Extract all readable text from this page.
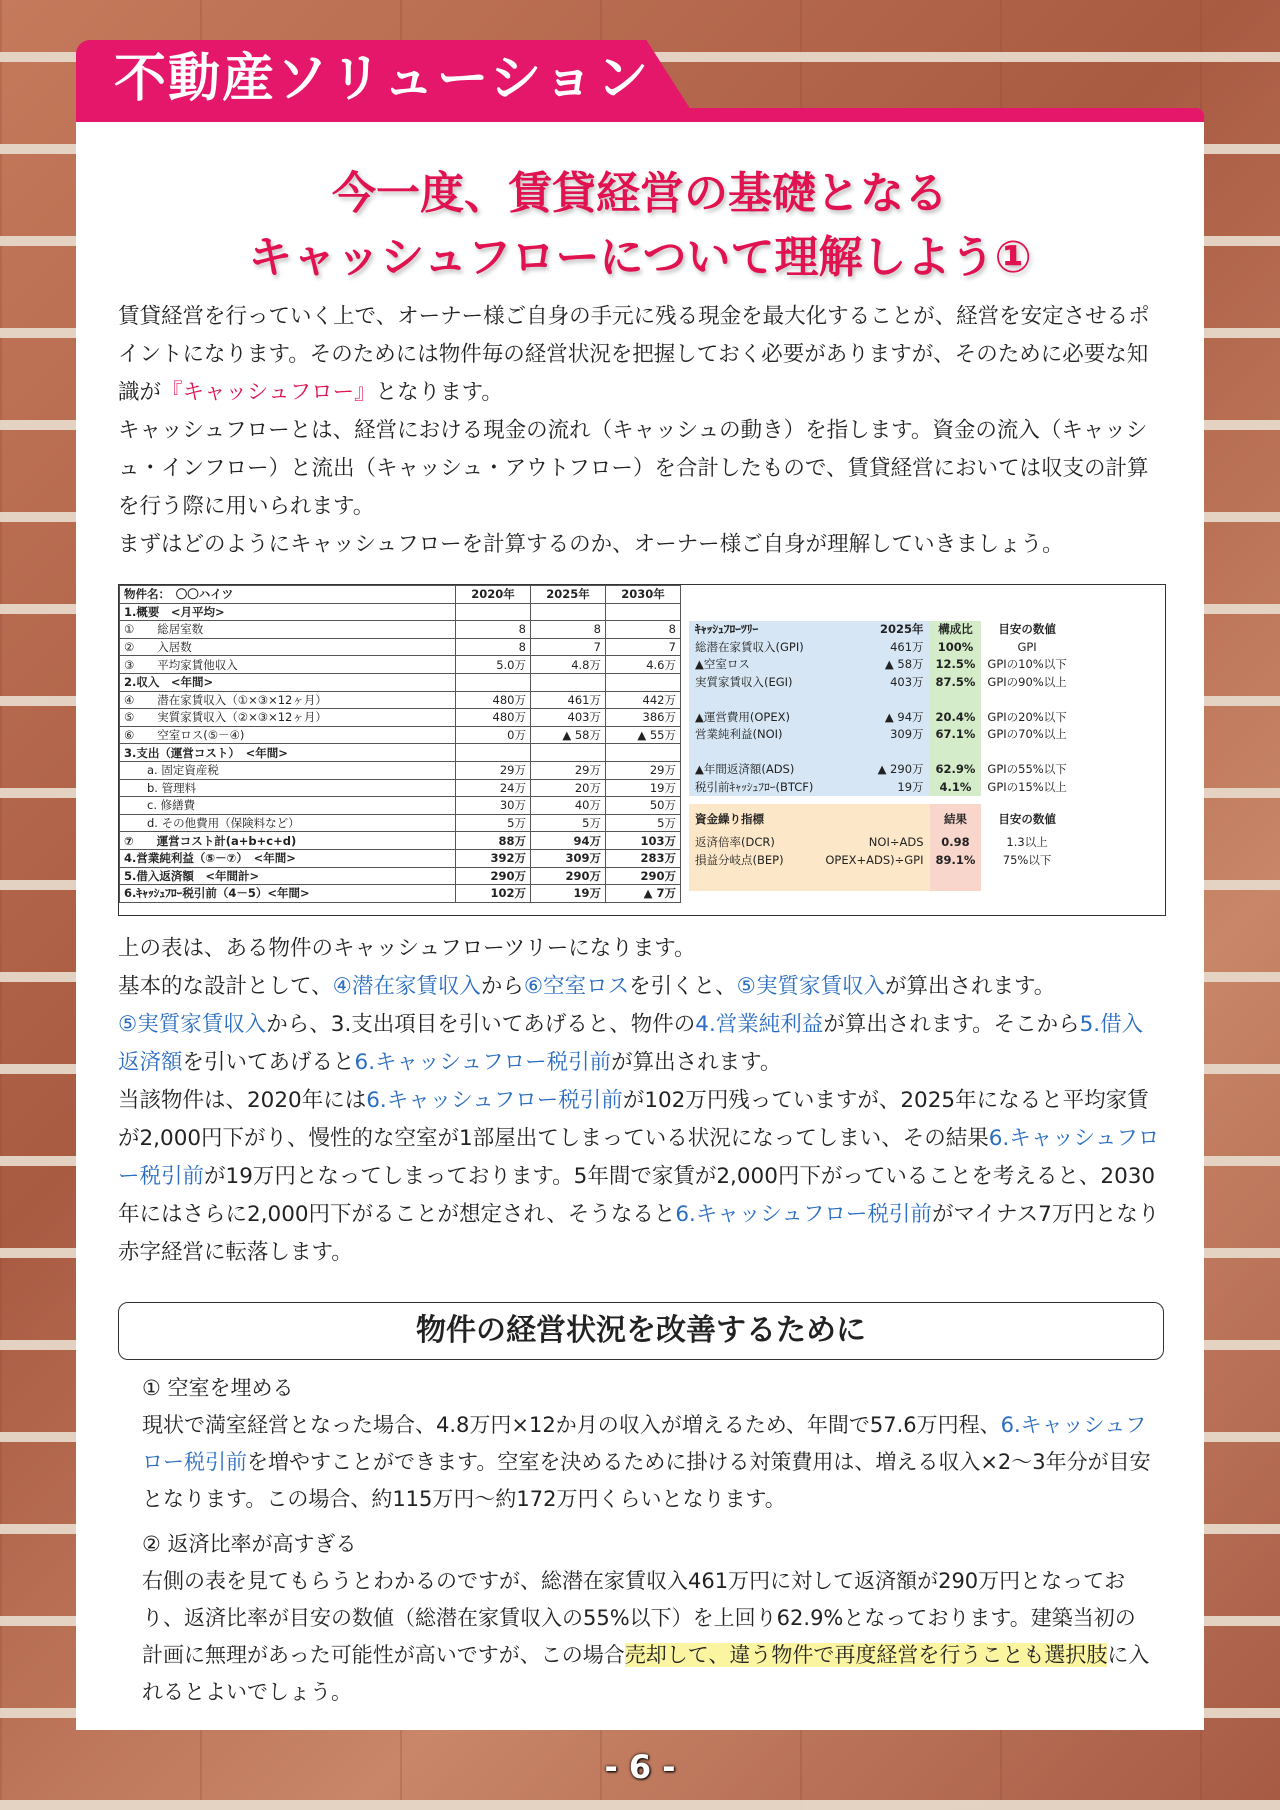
不動産ソリューション
今一度、賃貸経営の基礎となる
キャッシュフローについて理解しよう①

賃貸経営を行っていく上で、オーナー様ご自身の手元に残る現金を最大化することが、経営を安定させるポイントになります。そのためには物件毎の経営状況を把握しておく必要がありますが、そのために必要な知識が『キャッシュフロー』となります。

キャッシュフローとは、経営における現金の流れ（キャッシュの動き）を指します。資金の流入（キャッシュ・インフロー）と流出（キャッシュ・アウトフロー）を合計したもので、賃貸経営においては収支の計算を行う際に用いられます。

まずはどのようにキャッシュフローを計算するのか、オーナー様ご自身が理解していきましょう。

物件名：　〇〇ハイツ	2020年	2025年	2030年
1.概要　<月平均>			
①　　総居室数	8	8	8
②　　入居数	8	7	7
③　　平均家賃他収入	5.0万	4.8万	4.6万
2.収入　<年間>			
④　　潜在家賃収入（①×③×12ヶ月）	480万	461万	442万
⑤　　実質家賃収入（②×③×12ヶ月）	480万	403万	386万
⑥　　空室ロス(⑤－④)	0万	▲ 58万	▲ 55万
3.支出（運営コスト）　<年間>			
　　a. 固定資産税	29万	29万	29万
　　b. 管理料	24万	20万	19万
　　c. 修繕費	30万	40万	50万
　　d. その他費用（保険料など）	5万	5万	5万
⑦　　運営コスト計(a+b+c+d)	88万	94万	103万
4.営業純利益（⑤－⑦）　<年間>	392万	309万	283万
5.借入返済額　<年間計>	290万	290万	290万
6.ｷｬｯｼｭﾌﾛｰ税引前（4－5）<年間>	102万	19万	▲ 7万
ｷｬｯｼｭﾌﾛｰﾂﾘｰ	2025年	構成比	目安の数値
総潜在家賃収入(GPI)	461万	100%	GPI
▲空室ロス	▲ 58万	12.5%	GPIの10%以下
実質家賃収入(EGI)	403万	87.5%	GPIの90%以上

▲運営費用(OPEX)	▲ 94万	20.4%	GPIの20%以下
営業純利益(NOI)	309万	67.1%	GPIの70%以上

▲年間返済額(ADS)	▲ 290万	62.9%	GPIの55%以下
税引前ｷｬｯｼｭﾌﾛｰ(BTCF)	19万	4.1%	GPIの15%以上

資金繰り指標		結果	目安の数値
返済倍率(DCR)	NOI÷ADS	0.98	1.3以上
損益分岐点(BEP)	OPEX+ADS)÷GPI	89.1%	75%以下

上の表は、ある物件のキャッシュフローツリーになります。

基本的な設計として、④潜在家賃収入から⑥空室ロスを引くと、⑤実質家賃収入が算出されます。

⑤実質家賃収入から、3.支出項目を引いてあげると、物件の4.営業純利益が算出されます。そこから5.借入返済額を引いてあげると6.キャッシュフロー税引前が算出されます。

当該物件は、2020年には6.キャッシュフロー税引前が102万円残っていますが、2025年になると平均家賃が2,000円下がり、慢性的な空室が1部屋出てしまっている状況になってしまい、その結果6.キャッシュフロー税引前が19万円となってしまっております。5年間で家賃が2,000円下がっていることを考えると、2030年にはさらに2,000円下がることが想定され、そうなると6.キャッシュフロー税引前がマイナス7万円となり赤字経営に転落します。

物件の経営状況を改善するために

① 空室を埋める

現状で満室経営となった場合、4.8万円×12か月の収入が増えるため、年間で57.6万円程、6.キャッシュフロー税引前を増やすことができます。空室を決めるために掛ける対策費用は、増える収入×2～3年分が目安となります。この場合、約115万円～約172万円くらいとなります。

② 返済比率が高すぎる

右側の表を見てもらうとわかるのですが、総潜在家賃収入461万円に対して返済額が290万円となっており、返済比率が目安の数値（総潜在家賃収入の55%以下）を上回り62.9%となっております。建築当初の計画に無理があった可能性が高いですが、この場合売却して、違う物件で再度経営を行うことも選択肢に入れるとよいでしょう。

- 6 -
